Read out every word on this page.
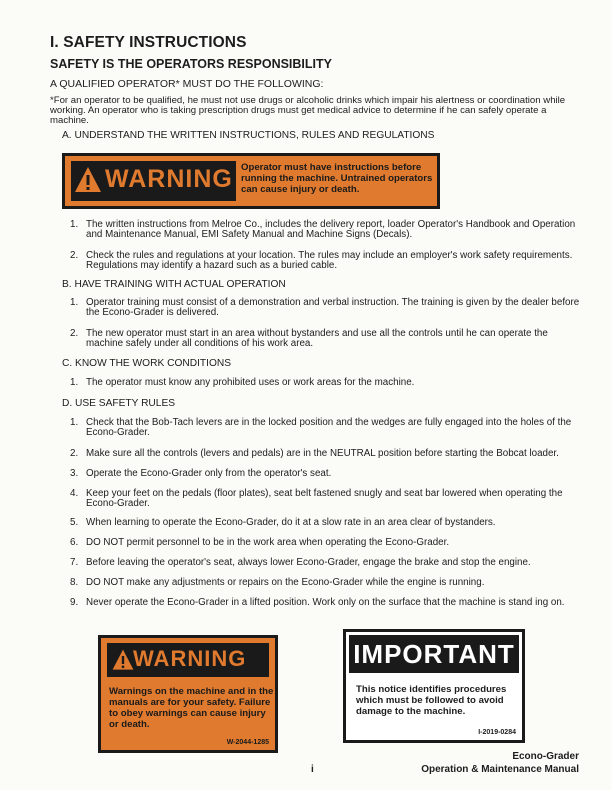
I. SAFETY INSTRUCTIONS
SAFETY IS THE OPERATORS RESPONSIBILITY
A QUALIFIED OPERATOR* MUST DO THE FOLLOWING:
*For an operator to be qualified, he must not use drugs or alcoholic drinks which impair his alertness or coordination while working. An operator who is taking prescription drugs must get medical advice to determine if he can safely operate a machine.
A. UNDERSTAND THE WRITTEN INSTRUCTIONS, RULES AND REGULATIONS
WARNING Operator must have instructions before running the machine. Untrained operators can cause injury or death.
1. The written instructions from Melroe Co., includes the delivery report, loader Operator's Handbook and Operation and Maintenance Manual, EMI Safety Manual and Machine Signs (Decals).
2. Check the rules and regulations at your location. The rules may include an employer's work safety requirements. Regulations may identify a hazard such as a buried cable.
B. HAVE TRAINING WITH ACTUAL OPERATION
1. Operator training must consist of a demonstration and verbal instruction. The training is given by the dealer before the Econo-Grader is delivered.
2. The new operator must start in an area without bystanders and use all the controls until he can operate the machine safely under all conditions of his work area.
C. KNOW THE WORK CONDITIONS
1. The operator must know any prohibited uses or work areas for the machine.
D. USE SAFETY RULES
1. Check that the Bob-Tach levers are in the locked position and the wedges are fully engaged into the holes of the Econo-Grader.
2. Make sure all the controls (levers and pedals) are in the NEUTRAL position before starting the Bobcat loader.
3. Operate the Econo-Grader only from the operator's seat.
4. Keep your feet on the pedals (floor plates), seat belt fastened snugly and seat bar lowered when operating the Econo-Grader.
5. When learning to operate the Econo-Grader, do it at a slow rate in an area clear of bystanders.
6. DO NOT permit personnel to be in the work area when operating the Econo-Grader.
7. Before leaving the operator's seat, always lower Econo-Grader, engage the brake and stop the engine.
8. DO NOT make any adjustments or repairs on the Econo-Grader while the engine is running.
9. Never operate the Econo-Grader in a lifted position. Work only on the surface that the machine is stand ing on.
WARNING
Warnings on the machine and in the manuals are for your safety. Failure to obey warnings can cause injury or death.
W-2044-1285
IMPORTANT
This notice identifies procedures which must be followed to avoid damage to the machine.
I-2019-0284
i
Econo-Grader
Operation & Maintenance Manual
